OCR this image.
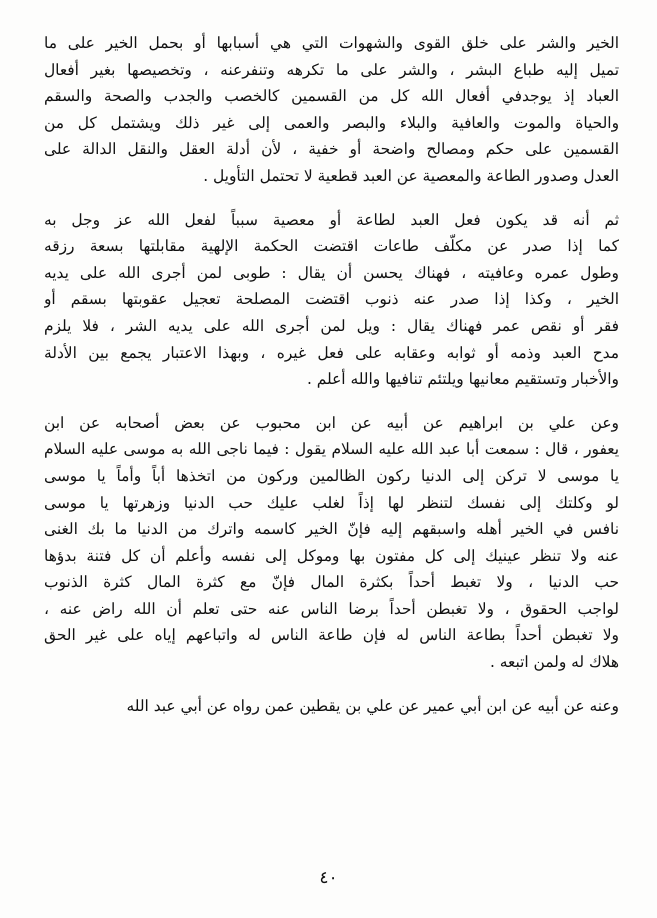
الخير والشر على خلق القوى والشهوات التي هي أسبابها أو بحمل الخير على ما
تميل إليه طباع البشر ، والشر على ما تكرهه وتنفرعنه ، وتخصيصها بغير أفعال
العباد إذ يوجدفي أفعال الله كل من القسمين كالخصب والجدب والصحة والسقم
والحياة والموت والعافية والبلاء والبصر والعمى إلى غير ذلك ويشتمل كل من
القسمين على حكم ومصالح واضحة أو خفية ، لأن أدلة العقل والنقل الدالة على
العدل وصدور الطاعة والمعصية عن العبد قطعية لا تحتمل التأويل .
ثم أنه قد يكون فعل العبد لطاعة أو معصية سبباً لفعل الله عز وجل به
كما إذا صدر عن مكلّف طاعات اقتضت الحكمة الإلهية مقابلتها بسعة رزقه
وطول عمره وعافيته ، فهناك يحسن أن يقال : طوبى لمن أجرى الله على يديه
الخير ، وكذا إذا صدر عنه ذنوب اقتضت المصلحة تعجيل عقوبتها بسقم أو
فقر أو نقص عمر فهناك يقال : ويل لمن أجرى الله على يديه الشر ، فلا يلزم
مدح العبد وذمه أو ثوابه وعقابه على فعل غيره ، وبهذا الاعتبار يجمع بين الأدلة
والأخبار وتستقيم معانيها ويلتئم تنافيها والله أعلم .
وعن علي بن ابراهيم عن أبيه عن ابن محبوب عن بعض أصحابه عن ابن
يعفور ، قال : سمعت أبا عبد الله عليه السلام يقول : فيما ناجى الله به موسى عليه السلام
يا موسى لا تركن إلى الدنيا ركون الظالمين وركون من اتخذها أباً وأماً يا موسى
لو وكلتك إلى نفسك لتنظر لها إذاً لغلب عليك حب الدنيا وزهرتها يا موسى
نافس في الخير أهله واسبقهم إليه فإنّ الخير كاسمه واترك من الدنيا ما بك الغنى
عنه ولا تنظر عينيك إلى كل مفتون بها وموكل إلى نفسه وأعلم أن كل فتنة بدؤها
حب الدنيا ، ولا تغبط أحداً بكثرة المال فإنّ مع كثرة المال كثرة الذنوب
لواجب الحقوق ، ولا تغبطن أحداً برضا الناس عنه حتى تعلم أن الله راض عنه ،
ولا تغبطن أحداً بطاعة الناس له فإن طاعة الناس له واتباعهم إياه على غير الحق
هلاك له ولمن اتبعه .
وعنه عن أبيه عن ابن أبي عمير عن علي بن يقطين عمن رواه عن أبي عبد الله
٤٠
